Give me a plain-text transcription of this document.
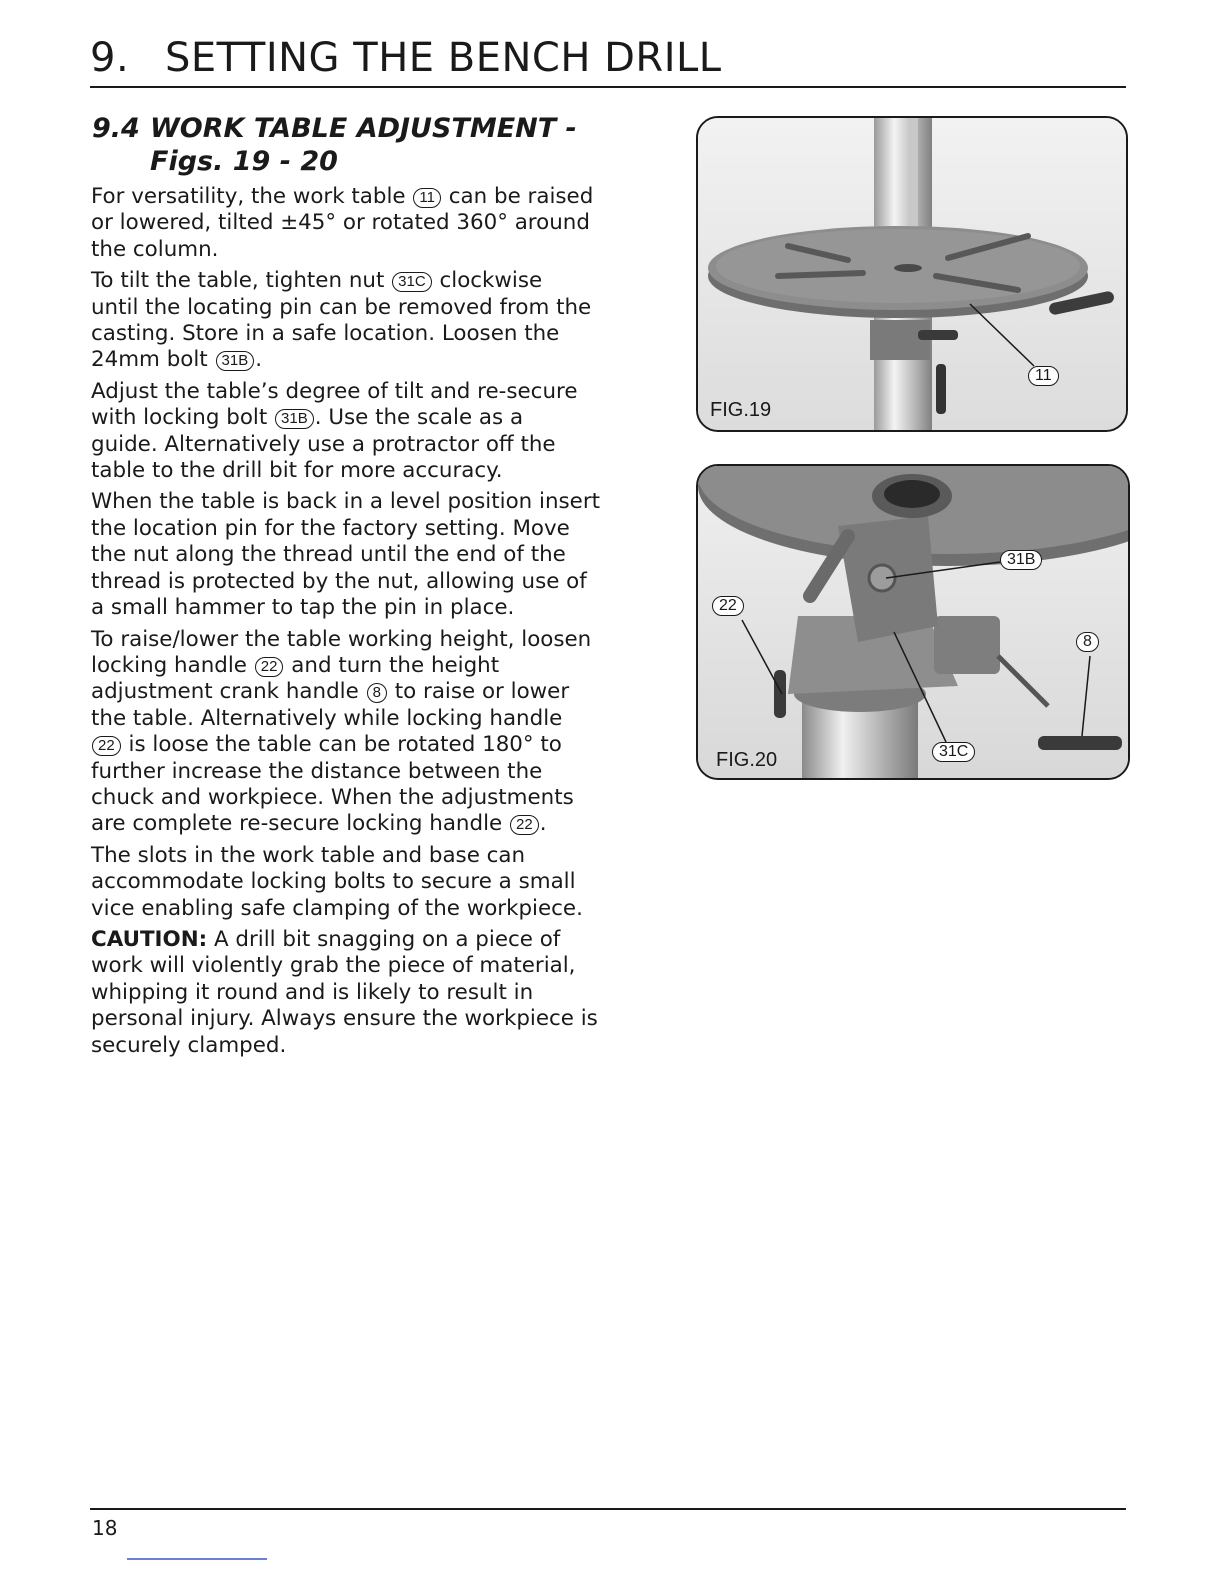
9. SETTING THE BENCH DRILL
9.4 WORK TABLE ADJUSTMENT -
Figs. 19 - 20

For versatility, the work table 11 can be raised
or lowered, tilted ±45° or rotated 360° around
the column.

To tilt the table, tighten nut 31C clockwise
until the locating pin can be removed from the
casting. Store in a safe location. Loosen the
24mm bolt 31B .

Adjust the table’s degree of tilt and re-secure
with locking bolt 31B . Use the scale as a
guide. Alternatively use a protractor off the
table to the drill bit for more accuracy.

When the table is back in a level position insert
the location pin for the factory setting. Move
the nut along the thread until the end of the
thread is protected by the nut, allowing use of
a small hammer to tap the pin in place.

To raise/lower the table working height, loosen
locking handle 22 and turn the height
adjustment crank handle 8 to raise or lower
the table. Alternatively while locking handle
22 is loose the table can be rotated 180° to
further increase the distance between the
chuck and workpiece. When the adjustments
are complete re-secure locking handle 22 .

The slots in the work table and base can
accommodate locking bolts to secure a small
vice enabling safe clamping of the workpiece.

CAUTION: A drill bit snagging on a piece of
work will violently grab the piece of material,
whipping it round and is likely to result in
personal injury. Always ensure the workpiece is
securely clamped.

11
FIG.19
31B
22
8
31C
FIG.20
18
